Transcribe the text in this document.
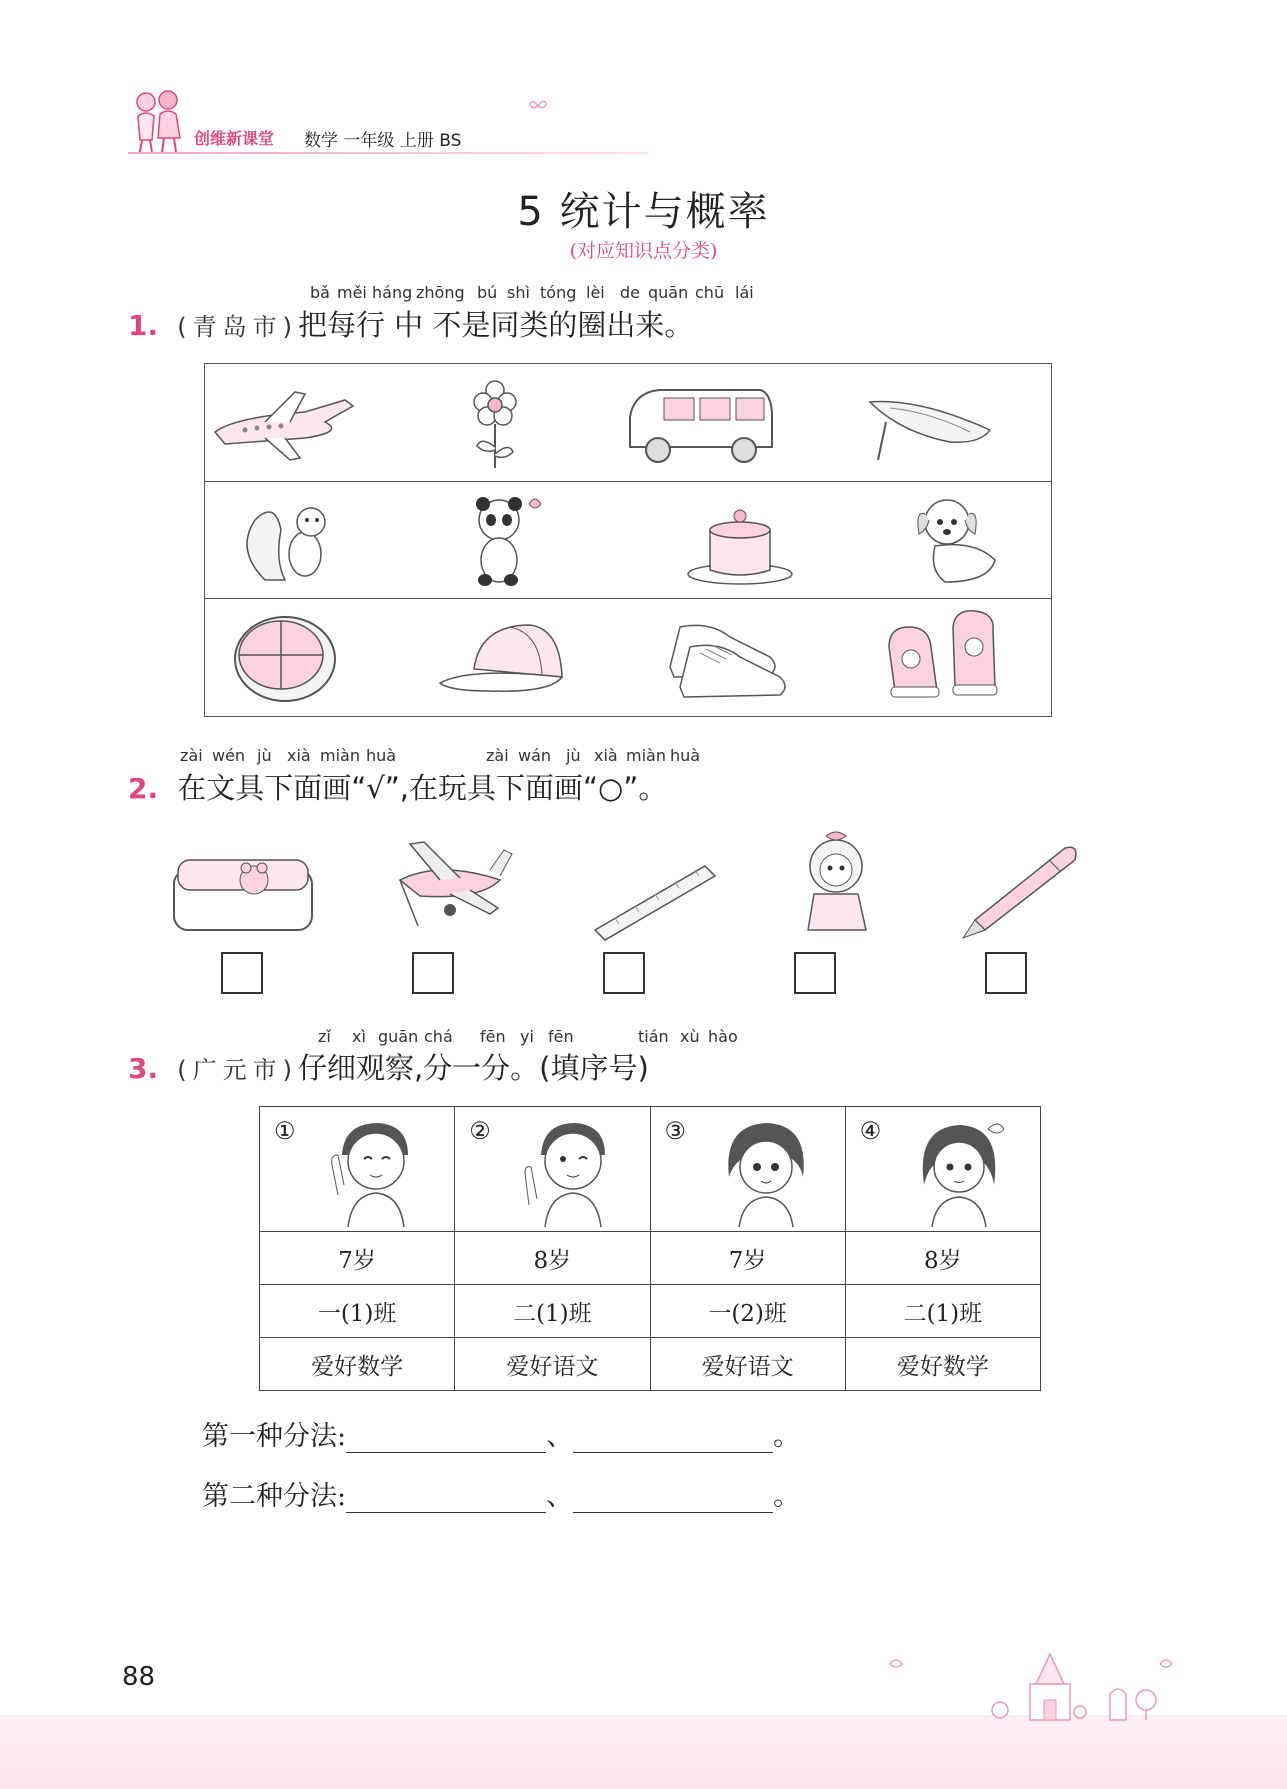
创维新课堂 数学 一年级 上册 BS
5 统计与概率
(对应知识点分类)
bǎ měi háng zhōng bú shì tóng lèi de quān chū lái
1. (青岛市)把每行 中 不是同类的圈出来。
zài wén jù xià miàn huà	zài wán jù xià miàn huà
2. 在文具下面画“√”,在玩具下面画“○”。
zǐ xì guān chá fēn yi fēn	tián xù hào
3. (广元市)仔细观察,分一分。(填序号)
①	②	③	④

7岁	8岁	7岁	8岁
一(1)班	二(1)班	一(2)班	二(1)班
爱好数学	爱好语文	爱好语文	爱好数学
第一种分法:	、	。
第二种分法:	、	。
88
